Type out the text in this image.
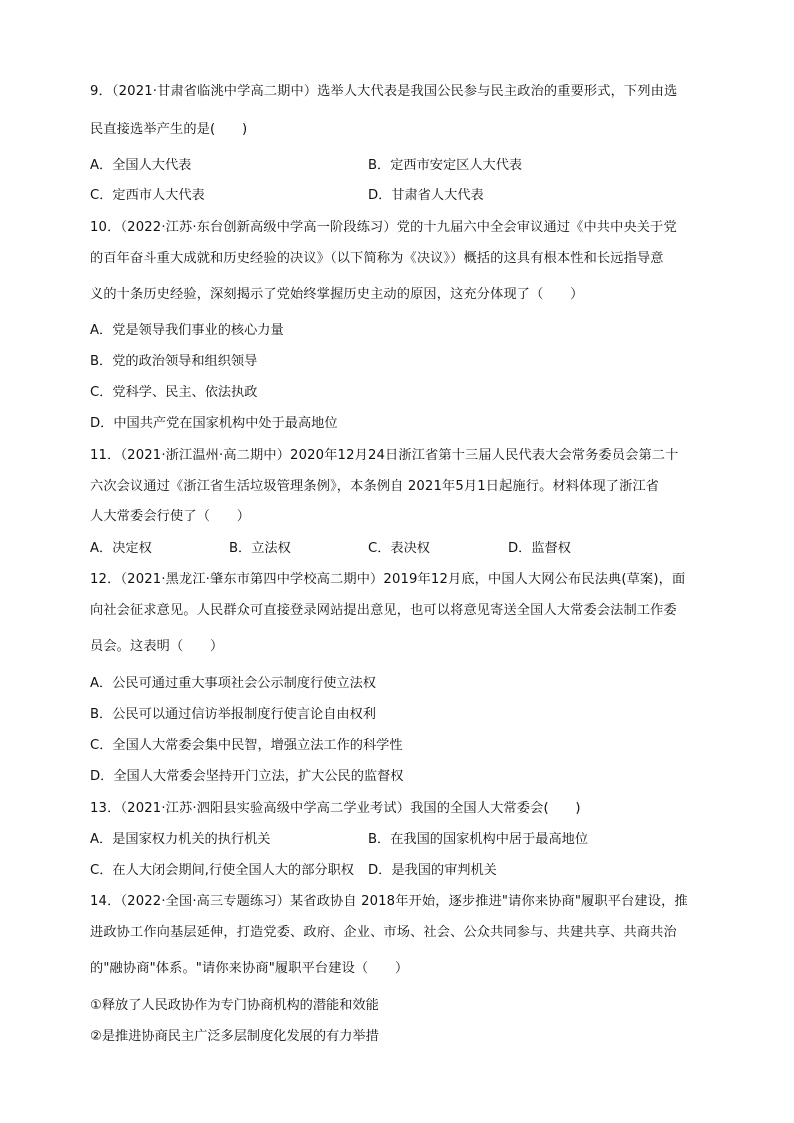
9．（2021·甘肃省临洮中学高二期中）选举人大代表是我国公民参与民主政治的重要形式，下列由选
民直接选举产生的是(　　)
A．全国人大代表	B．定西市安定区人大代表
C．定西市人大代表	D．甘肃省人大代表
10．（2022·江苏·东台创新高级中学高一阶段练习）党的十九届六中全会审议通过《中共中央关于党
的百年奋斗重大成就和历史经验的决议》（以下简称为《决议》）概括的这具有根本性和长远指导意
义的十条历史经验，深刻揭示了党始终掌握历史主动的原因，这充分体现了（　　）
A．党是领导我们事业的核心力量
B．党的政治领导和组织领导
C．党科学、民主、依法执政
D．中国共产党在国家机构中处于最高地位
11．（2021·浙江温州·高二期中）2020年12月24日浙江省第十三届人民代表大会常务委员会第二十
六次会议通过《浙江省生活垃圾管理条例》，本条例自 2021年5月1日起施行。材料体现了浙江省
人大常委会行使了（　　）
A．决定权	B．立法权	C．表决权	D．监督权
12．（2021·黑龙江·肇东市第四中学校高二期中）2019年12月底，中国人大网公布民法典(草案)，面
向社会征求意见。人民群众可直接登录网站提出意见，也可以将意见寄送全国人大常委会法制工作委
员会。这表明（　　）
A．公民可通过重大事项社会公示制度行使立法权
B．公民可以通过信访举报制度行使言论自由权利
C．全国人大常委会集中民智，增强立法工作的科学性
D．全国人大常委会坚持开门立法，扩大公民的监督权
13．（2021·江苏·泗阳县实验高级中学高二学业考试）我国的全国人大常委会(　　)
A．是国家权力机关的执行机关	B．在我国的国家机构中居于最高地位
C．在人大闭会期间,行使全国人大的部分职权 D．是我国的审判机关
14．（2022·全国·高三专题练习）某省政协自 2018年开始，逐步推进"请你来协商"履职平台建设，推
进政协工作向基层延伸，打造党委、政府、企业、市场、社会、公众共同参与、共建共享、共商共治
的"融协商"体系。"请你来协商"履职平台建设（　　）
①释放了人民政协作为专门协商机构的潜能和效能
②是推进协商民主广泛多层制度化发展的有力举措
